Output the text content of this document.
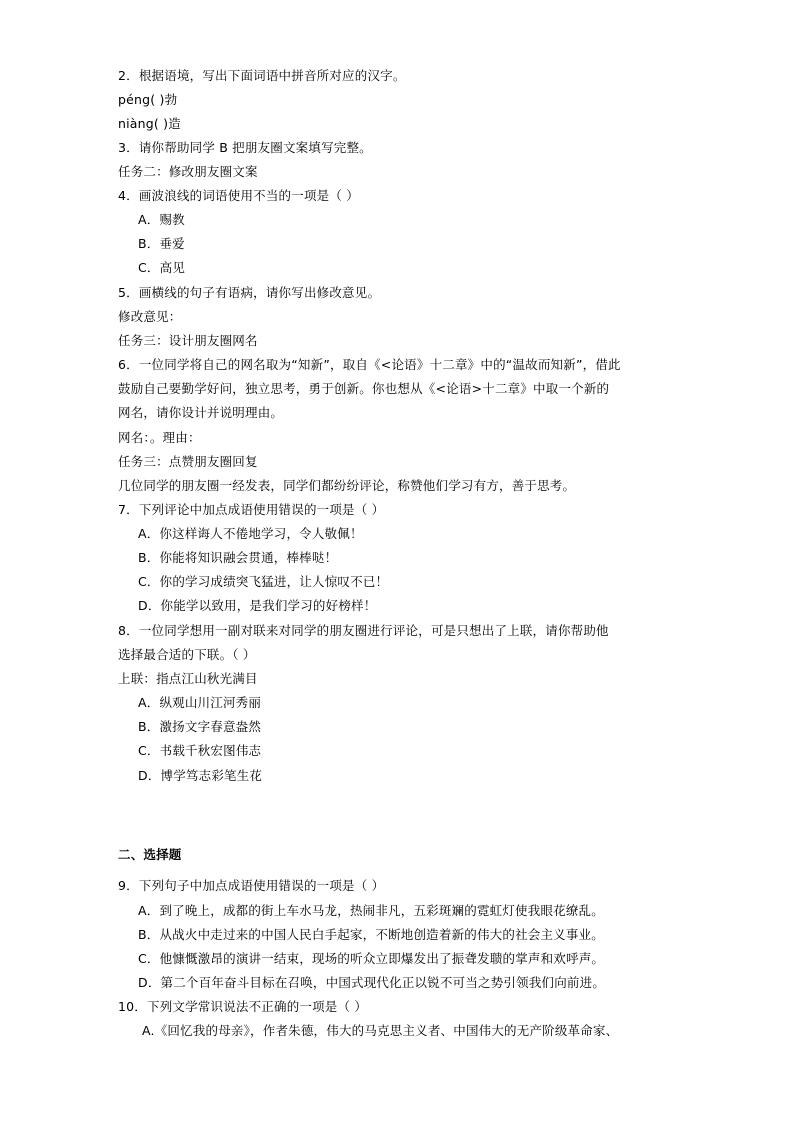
2．根据语境，写出下面词语中拼音所对应的汉字。
péng( )勃
niàng( )造
3．请你帮助同学 B 把朋友圈文案填写完整。
任务二：修改朋友圈文案
4．画波浪线的词语使用不当的一项是（ ）
A．赐教
B．垂爱
C．高见
5．画横线的句子有语病，请你写出修改意见。
修改意见：
任务三：设计朋友圈网名
6．一位同学将自己的网名取为“知新”，取自《<论语》十二章》中的“温故而知新”，借此
鼓励自己要勤学好问，独立思考，勇于创新。你也想从《<论语>十二章》中取一个新的
网名，请你设计并说明理由。
网名：。理由：
任务三：点赞朋友圈回复
几位同学的朋友圈一经发表，同学们都纷纷评论，称赞他们学习有方，善于思考。
7．下列评论中加点成语使用错误的一项是（ ）
A．你这样诲人不倦地学习，令人敬佩！
B．你能将知识融会贯通，棒棒哒！
C．你的学习成绩突飞猛进，让人惊叹不已！
D．你能学以致用，是我们学习的好榜样！
8．一位同学想用一副对联来对同学的朋友圈进行评论，可是只想出了上联，请你帮助他
选择最合适的下联。（ ）
上联：指点江山秋光满目
A．纵观山川江河秀丽
B．激扬文字春意盎然
C．书载千秋宏图伟志
D．博学笃志彩笔生花
二、选择题
9．下列句子中加点成语使用错误的一项是（ ）
A．到了晚上，成都的街上车水马龙，热闹非凡，五彩斑斓的霓虹灯使我眼花缭乱。
B．从战火中走过来的中国人民白手起家，不断地创造着新的伟大的社会主义事业。
C．他慷慨激昂的演讲一结束，现场的听众立即爆发出了振聋发聩的掌声和欢呼声。
D．第二个百年奋斗目标在召唤，中国式现代化正以锐不可当之势引领我们向前进。
10．下列文学常识说法不正确的一项是（ ）
A.《回忆我的母亲》，作者朱德，伟大的马克思主义者、中国伟大的无产阶级革命家、
